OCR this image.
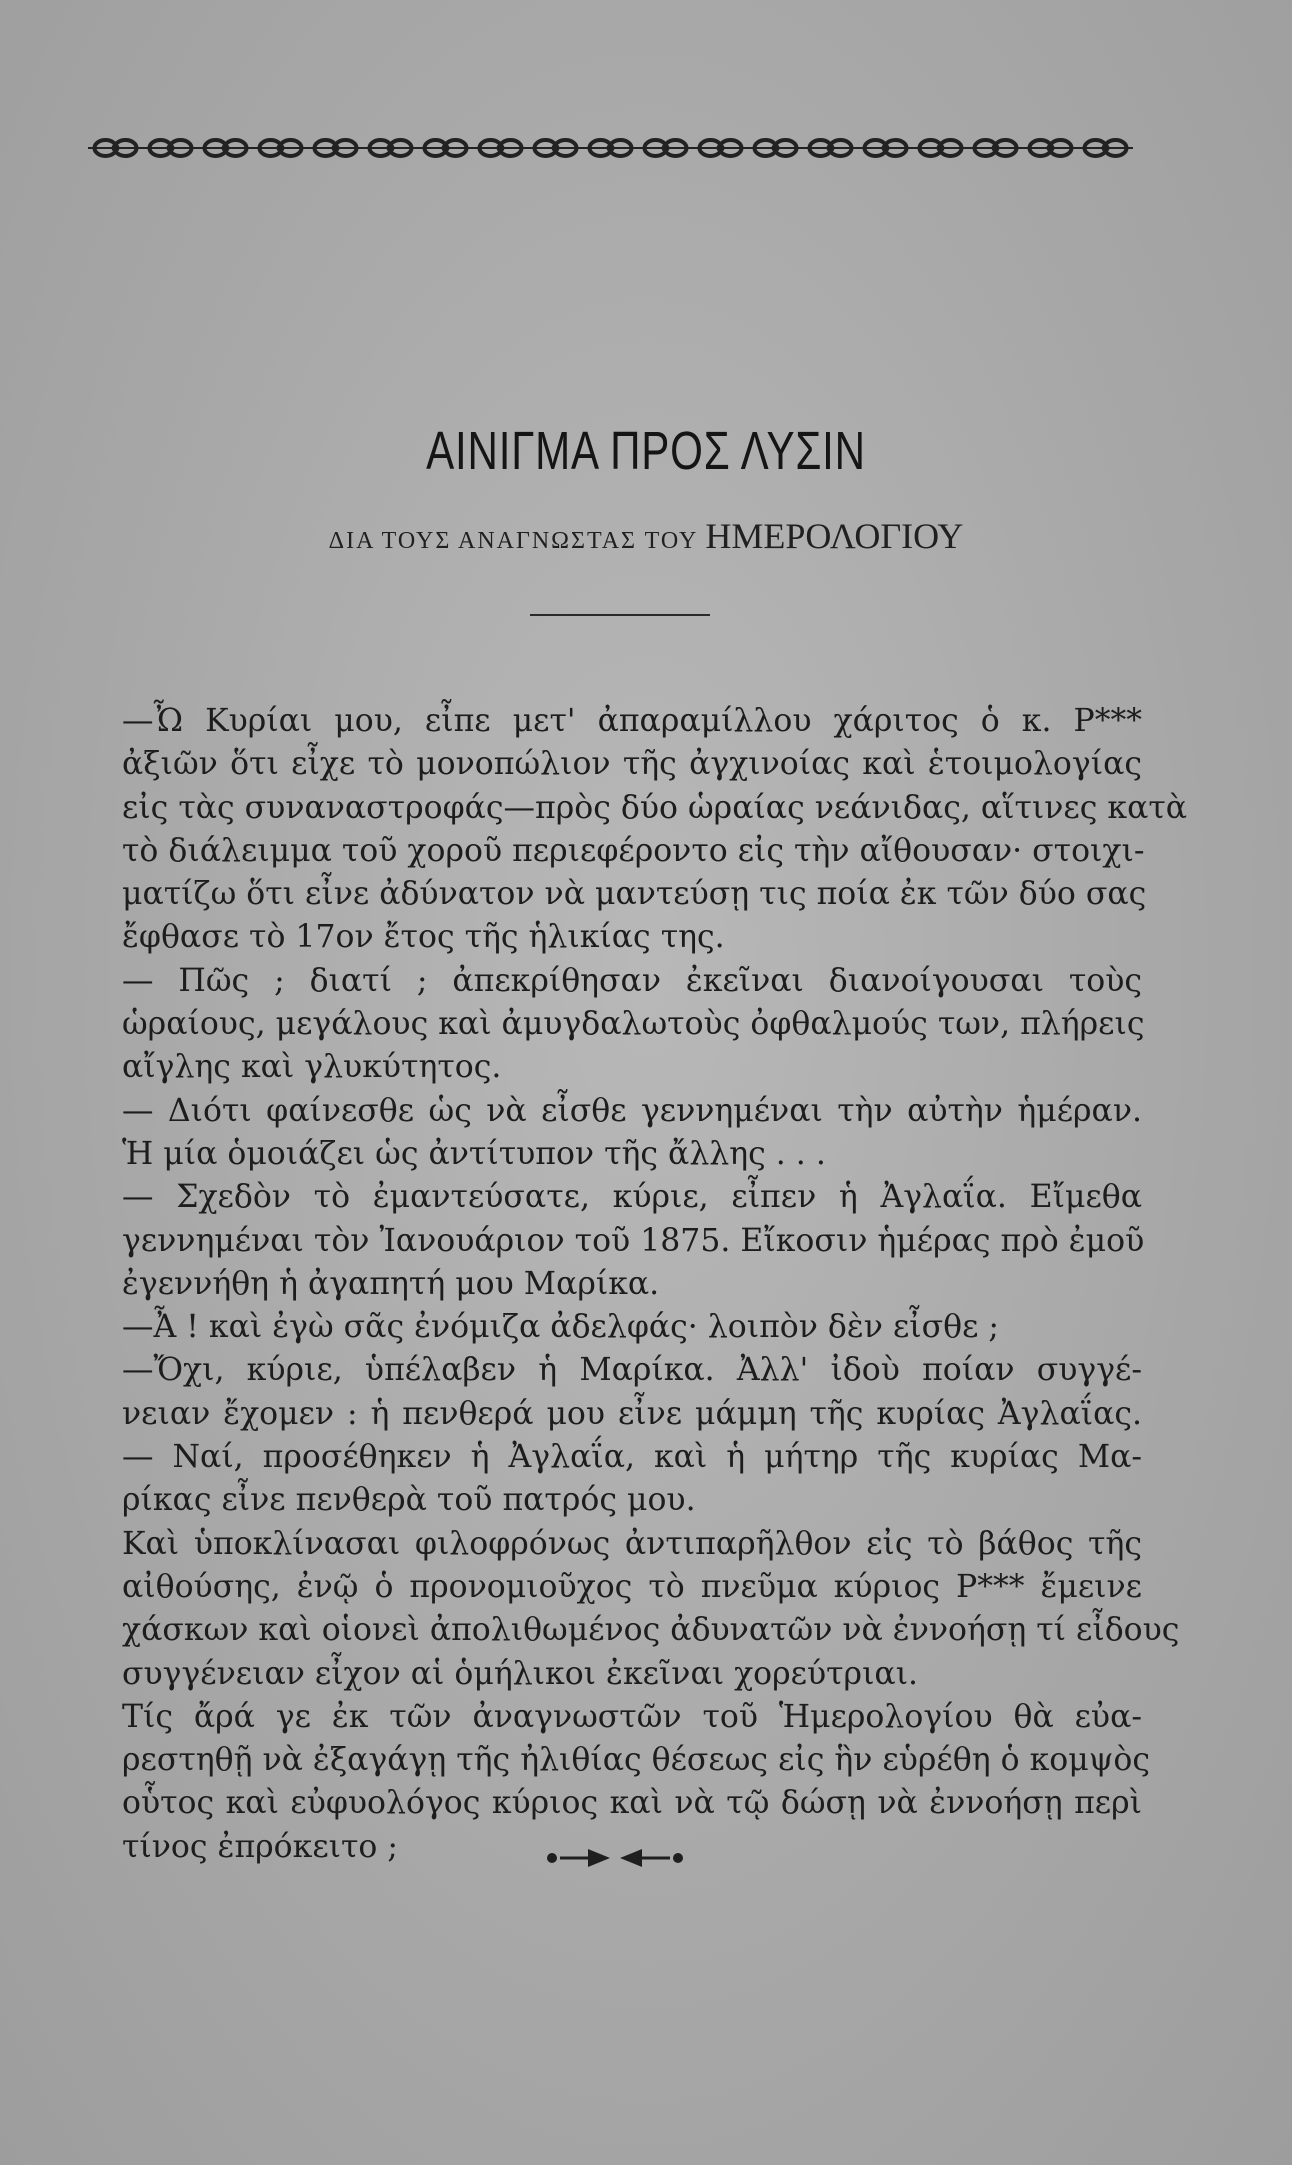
ΑΙΝΙΓΜΑ ΠΡΟΣ ΛΥΣΙΝ
ΔΙΑ ΤΟΥΣ ΑΝΑΓΝΩΣΤΑΣ ΤΟΥ ΗΜΕΡΟΛΟΓΙΟΥ
—Ὦ Κυρίαι μου, εἶπε μετ' ἀπαραμίλλου χάριτος ὁ κ. Ρ***
ἀξιῶν ὅτι εἶχε τὸ μονοπώλιον τῆς ἀγχινοίας καὶ ἑτοιμολογίας
εἰς τὰς συναναστροφάς—πρὸς δύο ὡραίας νεάνιδας, αἵτινες κατὰ
τὸ διάλειμμα τοῦ χοροῦ περιεφέροντο εἰς τὴν αἴθουσαν· στοιχι-
ματίζω ὅτι εἶνε ἀδύνατον νὰ μαντεύσῃ τις ποία ἐκ τῶν δύο σας
ἔφθασε τὸ 17ον ἔτος τῆς ἡλικίας της.
— Πῶς ; διατί ; ἀπεκρίθησαν ἐκεῖναι διανοίγουσαι τοὺς
ὡραίους, μεγάλους καὶ ἀμυγδαλωτοὺς ὀφθαλμούς των, πλήρεις
αἴγλης καὶ γλυκύτητος.
— Διότι φαίνεσθε ὡς νὰ εἶσθε γεννημέναι τὴν αὐτὴν ἡμέραν.
Ἡ μία ὁμοιάζει ὡς ἀντίτυπον τῆς ἄλλης . . .
— Σχεδὸν τὸ ἐμαντεύσατε, κύριε, εἶπεν ἡ Ἀγλαΐα. Εἴμεθα
γεννημέναι τὸν Ἰανουάριον τοῦ 1875. Εἴκοσιν ἡμέρας πρὸ ἐμοῦ
ἐγεννήθη ἡ ἀγαπητή μου Μαρίκα.
—Ἆ ! καὶ ἐγὼ σᾶς ἐνόμιζα ἀδελφάς· λοιπὸν δὲν εἶσθε ;
—Ὄχι, κύριε, ὑπέλαβεν ἡ Μαρίκα. Ἀλλ' ἰδοὺ ποίαν συγγέ-
νειαν ἔχομεν : ἡ πενθερά μου εἶνε μάμμη τῆς κυρίας Ἀγλαΐας.
— Ναί, προσέθηκεν ἡ Ἀγλαΐα, καὶ ἡ μήτηρ τῆς κυρίας Μα-
ρίκας εἶνε πενθερὰ τοῦ πατρός μου.
Καὶ ὑποκλίνασαι φιλοφρόνως ἀντιπαρῆλθον εἰς τὸ βάθος τῆς
αἰθούσης, ἐνῷ ὁ προνομιοῦχος τὸ πνεῦμα κύριος Ρ*** ἔμεινε
χάσκων καὶ οἱονεὶ ἀπολιθωμένος ἀδυνατῶν νὰ ἐννοήσῃ τί εἶδους
συγγένειαν εἶχον αἱ ὁμήλικοι ἐκεῖναι χορεύτριαι.
Τίς ἄρά γε ἐκ τῶν ἀναγνωστῶν τοῦ Ἡμερολογίου θὰ εὐα-
ρεστηθῇ νὰ ἐξαγάγῃ τῆς ἠλιθίας θέσεως εἰς ἣν εὑρέθη ὁ κομψὸς
οὗτος καὶ εὐφυολόγος κύριος καὶ νὰ τῷ δώσῃ νὰ ἐννοήσῃ περὶ
τίνος ἐπρόκειτο ;
